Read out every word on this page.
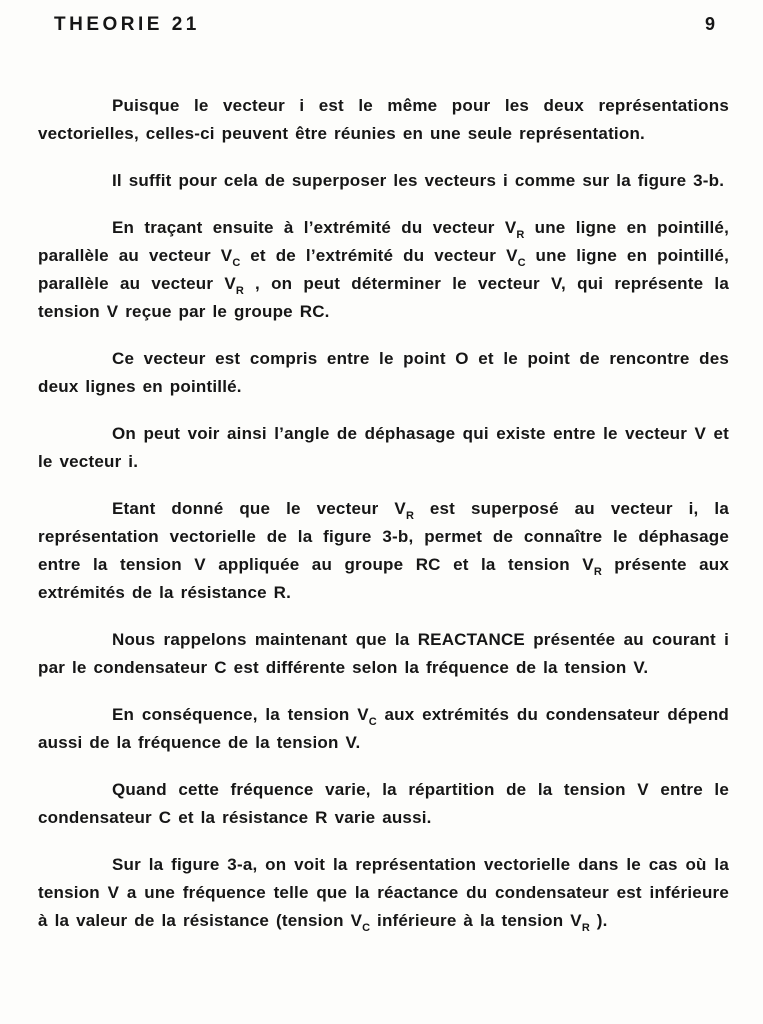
THEORIE 21	9

Puisque le vecteur i est le même pour les deux représentations vectorielles, celles-ci peuvent être réunies en une seule représentation.

Il suffit pour cela de superposer les vecteurs i comme sur la figure 3-b.

En traçant ensuite à l’extrémité du vecteur $V_R$ une ligne en pointillé, parallèle au vecteur $V_C$ et de l’extrémité du vecteur $V_C$ une ligne en pointillé, parallèle au vecteur $V_R$ , on peut déterminer le vecteur V, qui représente la tension V reçue par le groupe RC.

Ce vecteur est compris entre le point O et le point de rencontre des deux lignes en pointillé.

On peut voir ainsi l’angle de déphasage qui existe entre le vecteur V et le vecteur i.

Etant donné que le vecteur $V_R$ est superposé au vecteur i, la représentation vectorielle de la figure 3-b, permet de connaître le déphasage entre la tension V appliquée au groupe RC et la tension $V_R$ présente aux extrémités de la résistance R.

Nous rappelons maintenant que la REACTANCE présentée au courant i par le condensateur C est différente selon la fréquence de la tension V.

En conséquence, la tension $V_C$ aux extrémités du condensateur dépend aussi de la fréquence de la tension V.

Quand cette fréquence varie, la répartition de la tension V entre le condensateur C et la résistance R varie aussi.

Sur la figure 3-a, on voit la représentation vectorielle dans le cas où la tension V a une fréquence telle que la réactance du condensateur est inférieure à la valeur de la résistance (tension $V_C$ inférieure à la tension $V_R$ ).
